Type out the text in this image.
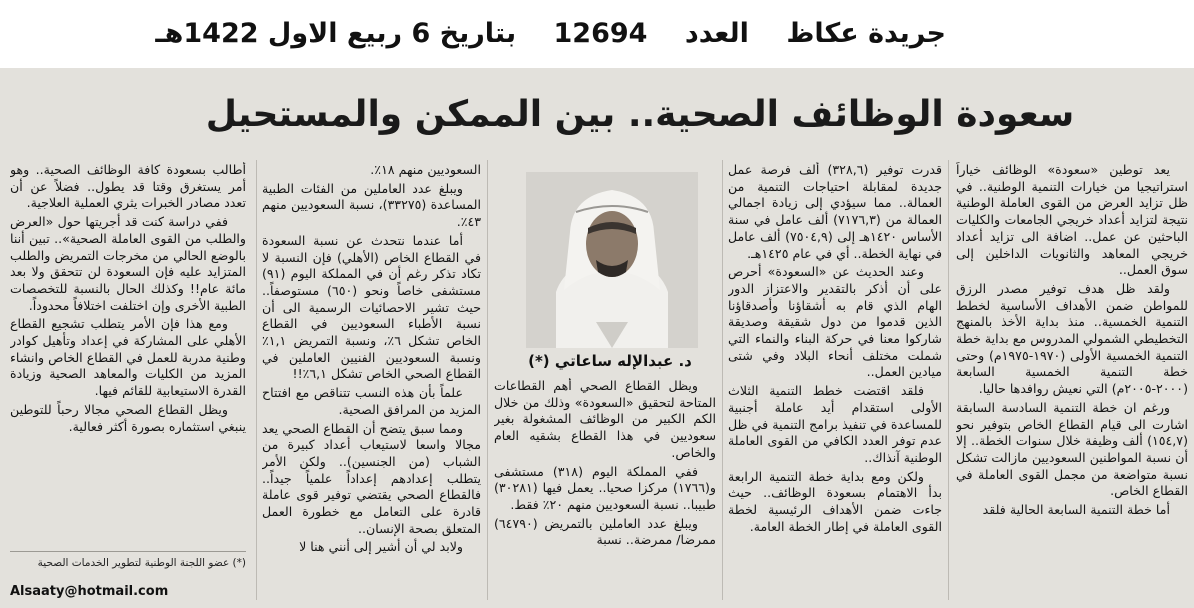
جريدة عكاظ العدد 12694 بتاريخ 6 ربيع الاول 1422هـ
سعودة الوظائف الصحية.. بين الممكن والمستحيل

يعد توطين «سعودة» الوظائف خياراً استراتيجيا من خيارات التنمية الوطنية.. في ظل تزايد العرض من القوى العاملة الوطنية نتيجة لتزايد أعداد خريجي الجامعات والكليات الباحثين عن عمل.. اضافة الى تزايد أعداد خريجي المعاهد والثانويات الداخلين إلى سوق العمل..

ولقد ظل هدف توفير مصدر الرزق للمواطن ضمن الأهداف الأساسية لخطط التنمية الخمسية.. منذ بداية الأخذ بالمنهج التخطيطي الشمولي المدروس مع بداية خطة التنمية الخمسية الأولى (١٩٧٠-١٩٧٥م) وحتى خطة التنمية الخمسية السابعة (٢٠٠٠-٢٠٠٥م) التي نعيش روافدها حاليا.

ورغم ان خطة التنمية السادسة السابقة اشارت الى قيام القطاع الخاص بتوفير نحو (١٥٤,٧) ألف وظيفة خلال سنوات الخطة.. إلا أن نسبة المواطنين السعوديين مازالت تشكل نسبة متواضعة من مجمل القوى العاملة في القطاع الخاص.

أما خطة التنمية السابعة الحالية فلقد

قدرت توفير (٣٢٨,٦) ألف فرصة عمل جديدة لمقابلة احتياجات التنمية من العمالة.. مما سيؤدي إلى زيادة اجمالي العمالة من (٧١٧٦,٣) ألف عامل في سنة الأساس ١٤٢٠هـ إلى (٧٥٠٤,٩) ألف عامل في نهاية الخطة.. أي في عام ١٤٢٥هـ.

وعند الحديث عن «السعودة» أحرص على أن أذكر بالتقدير والاعتزاز الدور الهام الذي قام به أشقاؤنا وأصدقاؤنا الذين قدموا من دول شقيقة وصديقة شاركوا معنا في حركة البناء والنماء التي شملت مختلف أنحاء البلاد وفي شتى ميادين العمل..

فلقد اقتضت خطط التنمية الثلاث الأولى استقدام أيد عاملة أجنبية للمساعدة في تنفيذ برامج التنمية في ظل عدم توفر العدد الكافي من القوى العاملة الوطنية آنذاك..

ولكن ومع بداية خطة التنمية الرابعة بدأ الاهتمام بسعودة الوظائف.. حيث جاءت ضمن الأهداف الرئيسية لخطة القوى العاملة في إطار الخطة العامة.

د. عبدالإله ساعاتي (*)

ويظل القطاع الصحي أهم القطاعات المتاحة لتحقيق «السعودة» وذلك من خلال الكم الكبير من الوظائف المشغولة بغير سعوديين في هذا القطاع بشقيه العام والخاص.

ففي المملكة اليوم (٣١٨) مستشفى و(١٧٦٦) مركزا صحيا.. يعمل فيها (٣٠٢٨١) طبيبا.. نسبة السعوديين منهم ٢٠٪ فقط.

ويبلغ عدد العاملين بالتمريض (٦٤٧٩٠) ممرضا/ ممرضة.. نسبة

السعوديين منهم ١٨٪.

ويبلغ عدد العاملين من الفئات الطبية المساعدة (٣٣٢٧٥)، نسبة السعوديين منهم ٤٣٪.

أما عندما نتحدث عن نسبة السعودة في القطاع الخاص (الأهلي) فإن النسبة لا تكاد تذكر رغم أن في المملكة اليوم (٩١) مستشفى خاصاً ونحو (٦٥٠) مستوصفاً.. حيث تشير الاحصائيات الرسمية الى أن نسبة الأطباء السعوديين في القطاع الخاص تشكل ٦٪، ونسبة التمريض ١,١٪ ونسبة السعوديين الفنيين العاملين في القطاع الصحي الخاص تشكل ٦,١٪!!

علماً بأن هذه النسب تتناقص مع افتتاح المزيد من المرافق الصحية.

ومما سبق يتضح أن القطاع الصحي يعد مجالا واسعا لاستيعاب أعداد كبيرة من الشباب (من الجنسين).. ولكن الأمر يتطلب إعدادهم إعداداً علمياً جيداً.. فالقطاع الصحي يقتضي توفير قوى عاملة قادرة على التعامل مع خطورة العمل المتعلق بصحة الإنسان..

ولابد لي أن أشير إلى أنني هنا لا

أطالب بسعودة كافة الوظائف الصحية.. وهو أمر يستغرق وقتا قد يطول.. فضلاً عن أن تعدد مصادر الخبرات يثري العملية العلاجية.

ففي دراسة كنت قد أجريتها حول «العرض والطلب من القوى العاملة الصحية».. تبين أننا بالوضع الحالي من مخرجات التمريض والطلب المتزايد عليه فإن السعودة لن تتحقق ولا بعد مائة عام!! وكذلك الحال بالنسبة للتخصصات الطبية الأخرى وإن اختلفت اختلافاً محدوداً.

ومع هذا فإن الأمر يتطلب تشجيع القطاع الأهلي على المشاركة في إعداد وتأهيل كوادر وطنية مدربة للعمل في القطاع الخاص وانشاء المزيد من الكليات والمعاهد الصحية وزيادة القدرة الاستيعابية للقائم فيها.

ويظل القطاع الصحي مجالا رحباً للتوطين ينبغي استثماره بصورة أكثر فعالية.

(*) عضو اللجنة الوطنية لتطوير الخدمات الصحية
Alsaaty@hotmail.com
